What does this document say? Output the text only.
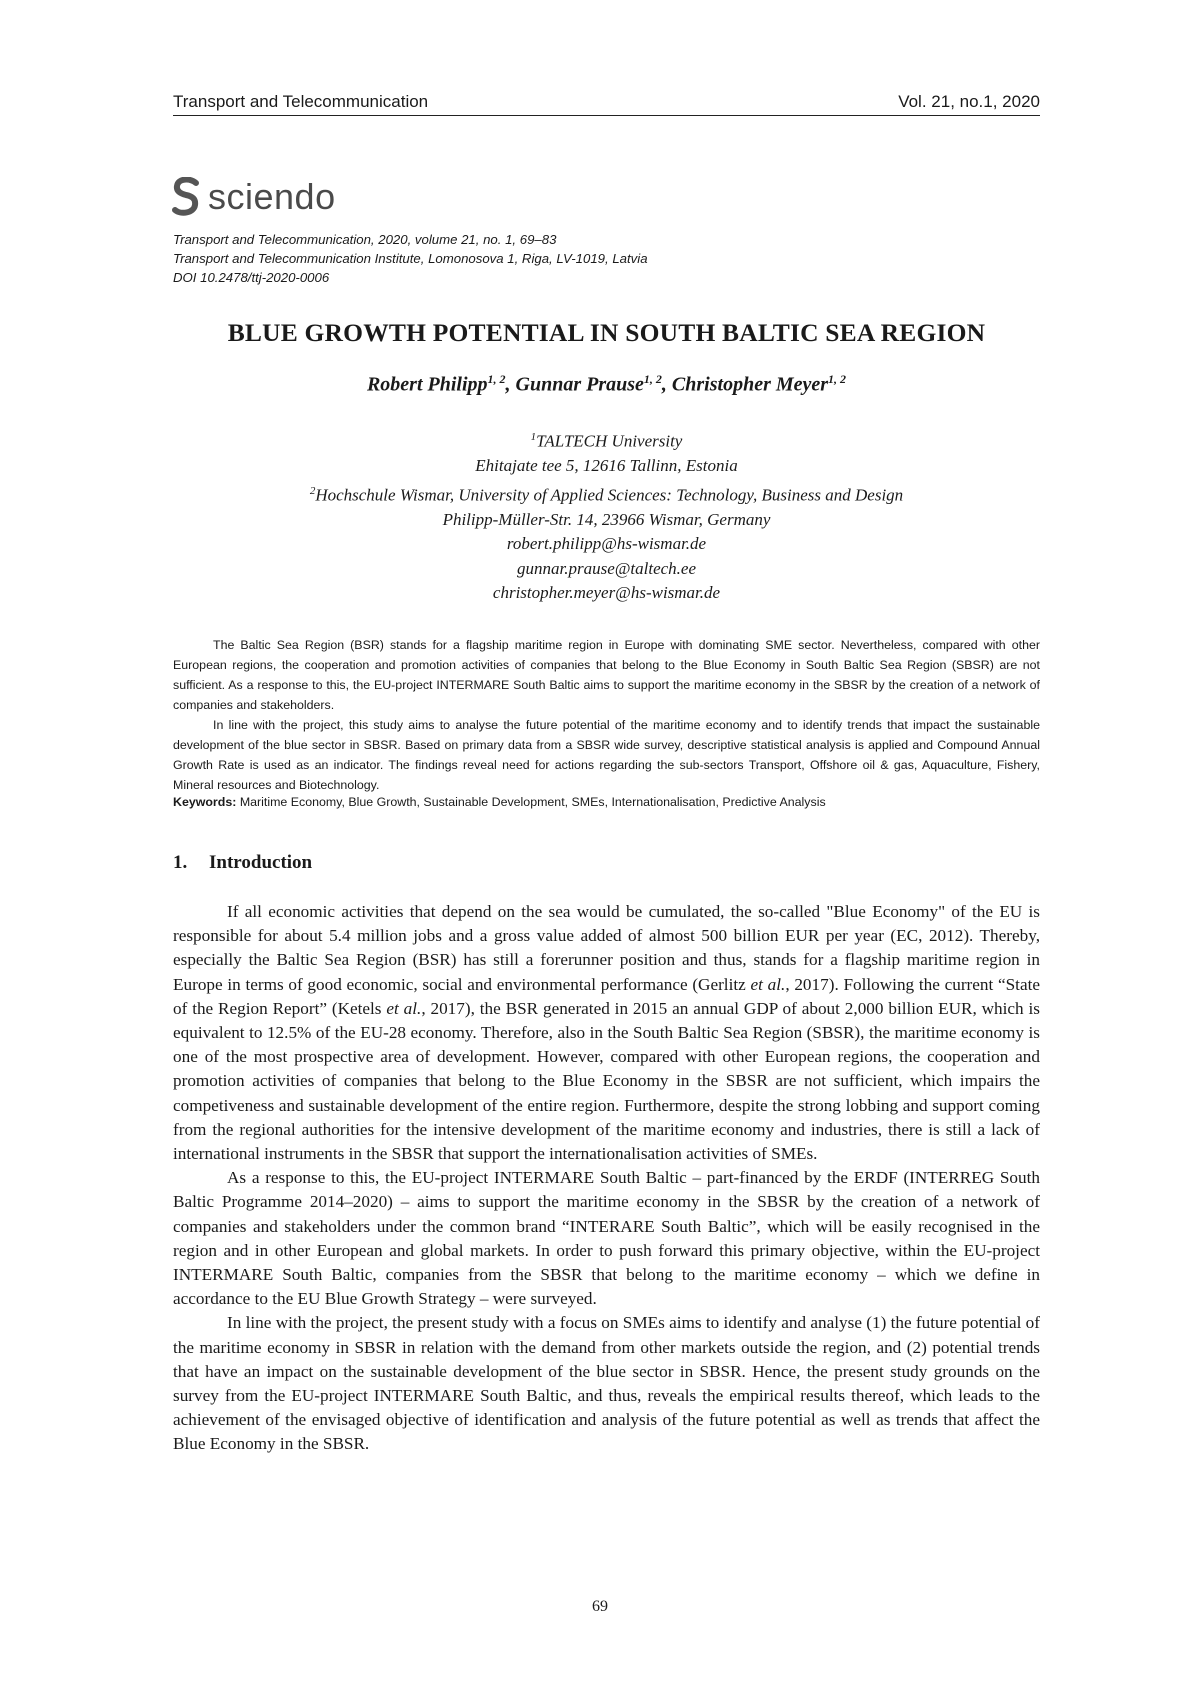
Transport and Telecommunication	Vol. 21, no.1, 2020
sciendo
Transport and Telecommunication, 2020, volume 21, no. 1, 69–83
Transport and Telecommunication Institute, Lomonosova 1, Riga, LV-1019, Latvia
DOI 10.2478/ttj-2020-0006
BLUE GROWTH POTENTIAL IN SOUTH BALTIC SEA REGION
Robert Philipp$^{1, 2}$, Gunnar Prause$^{1, 2}$, Christopher Meyer$^{1, 2}$
$^1$TALTECH University
Ehitajate tee 5, 12616 Tallinn, Estonia
$^2$Hochschule Wismar, University of Applied Sciences: Technology, Business and Design
Philipp-Müller-Str. 14, 23966 Wismar, Germany
robert.philipp@hs-wismar.de
gunnar.prause@taltech.ee
christopher.meyer@hs-wismar.de

The Baltic Sea Region (BSR) stands for a flagship maritime region in Europe with dominating SME sector. Nevertheless, compared with other European regions, the cooperation and promotion activities of companies that belong to the Blue Economy in South Baltic Sea Region (SBSR) are not sufficient. As a response to this, the EU-project INTERMARE South Baltic aims to support the maritime economy in the SBSR by the creation of a network of companies and stakeholders.

In line with the project, this study aims to analyse the future potential of the maritime economy and to identify trends that impact the sustainable development of the blue sector in SBSR. Based on primary data from a SBSR wide survey, descriptive statistical analysis is applied and Compound Annual Growth Rate is used as an indicator. The findings reveal need for actions regarding the sub-sectors Transport, Offshore oil & gas, Aquaculture, Fishery, Mineral resources and Biotechnology.

Keywords: Maritime Economy, Blue Growth, Sustainable Development, SMEs, Internationalisation, Predictive Analysis
1. Introduction

If all economic activities that depend on the sea would be cumulated, the so-called "Blue Economy" of the EU is responsible for about 5.4 million jobs and a gross value added of almost 500 billion EUR per year (EC, 2012). Thereby, especially the Baltic Sea Region (BSR) has still a forerunner position and thus, stands for a flagship maritime region in Europe in terms of good economic, social and environmental performance (Gerlitz et al., 2017). Following the current “State of the Region Report” (Ketels et al., 2017), the BSR generated in 2015 an annual GDP of about 2,000 billion EUR, which is equivalent to 12.5% of the EU-28 economy. Therefore, also in the South Baltic Sea Region (SBSR), the maritime economy is one of the most prospective area of development. However, compared with other European regions, the cooperation and promotion activities of companies that belong to the Blue Economy in the SBSR are not sufficient, which impairs the competiveness and sustainable development of the entire region. Furthermore, despite the strong lobbing and support coming from the regional authorities for the intensive development of the maritime economy and industries, there is still a lack of international instruments in the SBSR that support the internationalisation activities of SMEs.

As a response to this, the EU-project INTERMARE South Baltic – part-financed by the ERDF (INTERREG South Baltic Programme 2014–2020) – aims to support the maritime economy in the SBSR by the creation of a network of companies and stakeholders under the common brand “INTERARE South Baltic”, which will be easily recognised in the region and in other European and global markets. In order to push forward this primary objective, within the EU-project INTERMARE South Baltic, companies from the SBSR that belong to the maritime economy – which we define in accordance to the EU Blue Growth Strategy – were surveyed.

In line with the project, the present study with a focus on SMEs aims to identify and analyse (1) the future potential of the maritime economy in SBSR in relation with the demand from other markets outside the region, and (2) potential trends that have an impact on the sustainable development of the blue sector in SBSR. Hence, the present study grounds on the survey from the EU-project INTERMARE South Baltic, and thus, reveals the empirical results thereof, which leads to the achievement of the envisaged objective of identification and analysis of the future potential as well as trends that affect the Blue Economy in the SBSR.

69
